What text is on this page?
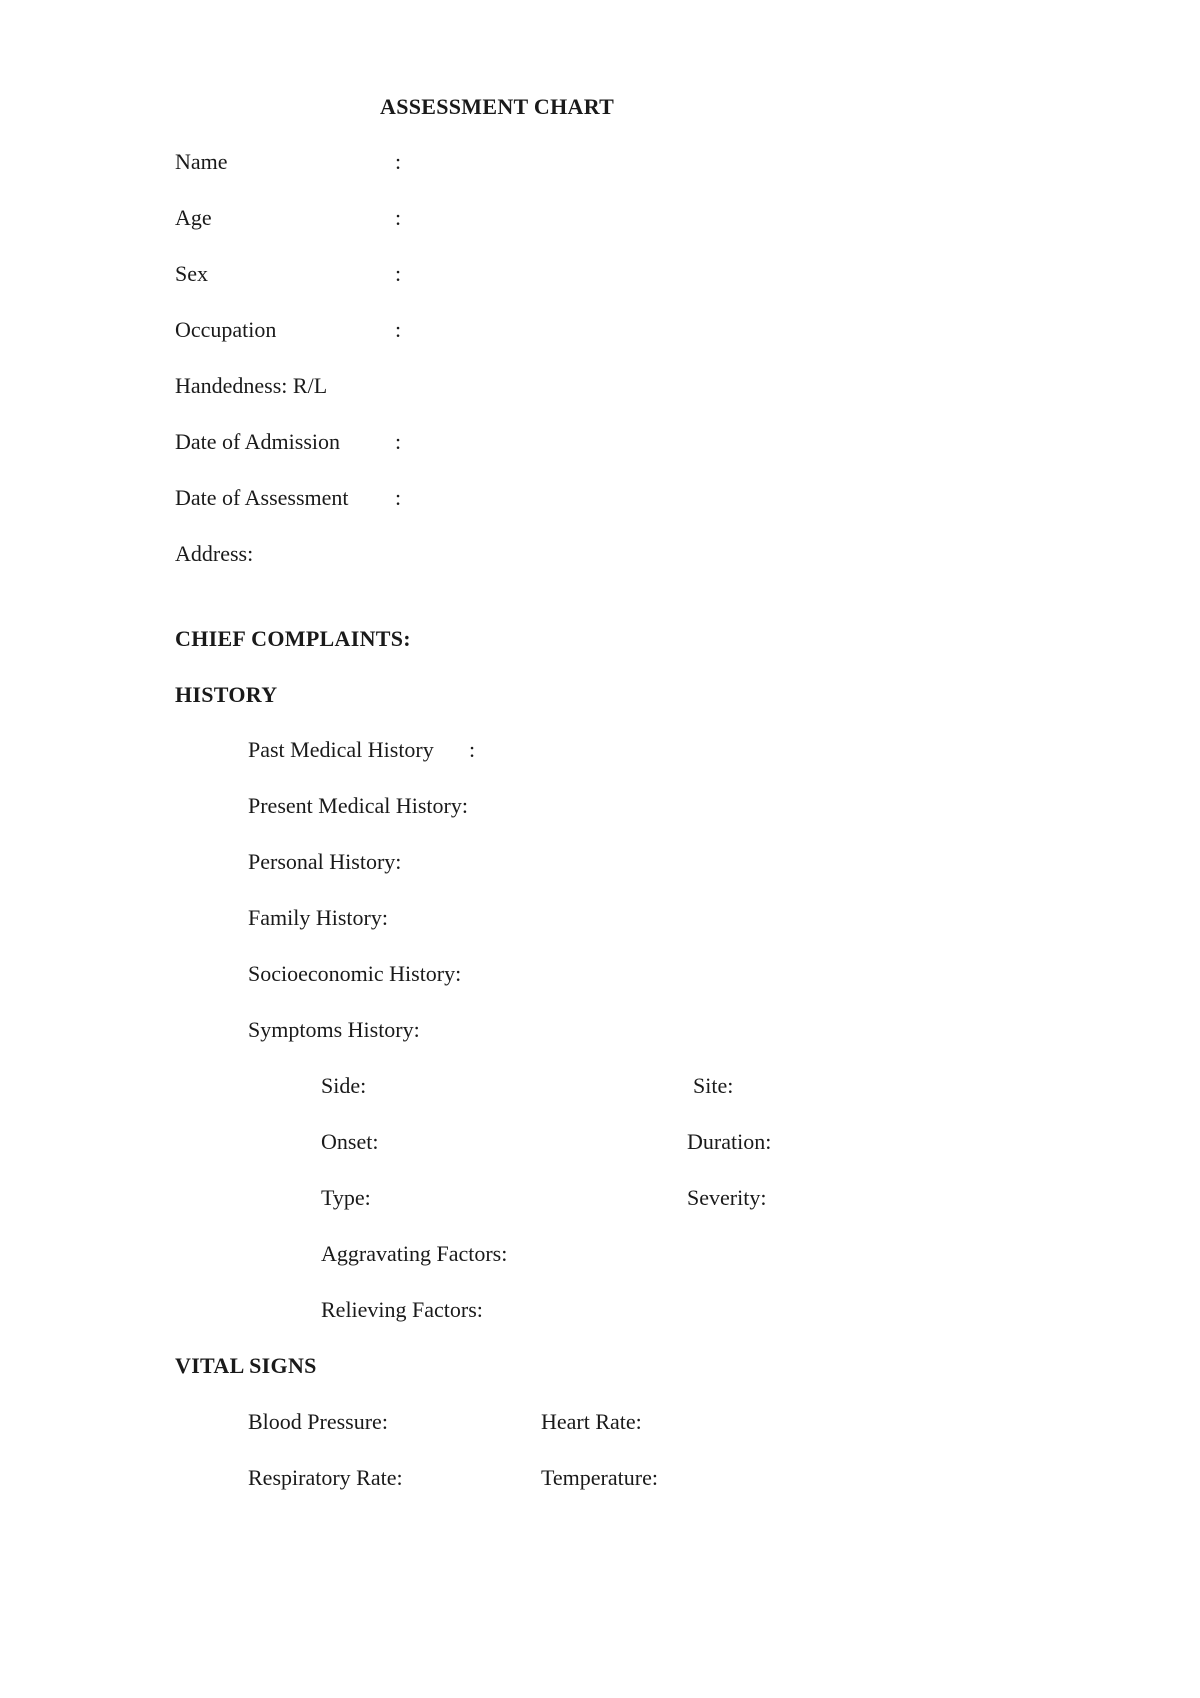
ASSESSMENT CHART
Name	:
Age	:
Sex	:
Occupation	:
Handedness: R/L
Date of Admission	:
Date of Assessment :
Address:
CHIEF COMPLAINTS:
HISTORY
Past Medical History :
Present Medical History:
Personal History:
Family History:
Socioeconomic History:
Symptoms History:
Side:	Site:
Onset:	Duration:
Type:	Severity:
Aggravating Factors:
Relieving Factors:
VITAL SIGNS
Blood Pressure:	Heart Rate:
Respiratory Rate:	Temperature:
